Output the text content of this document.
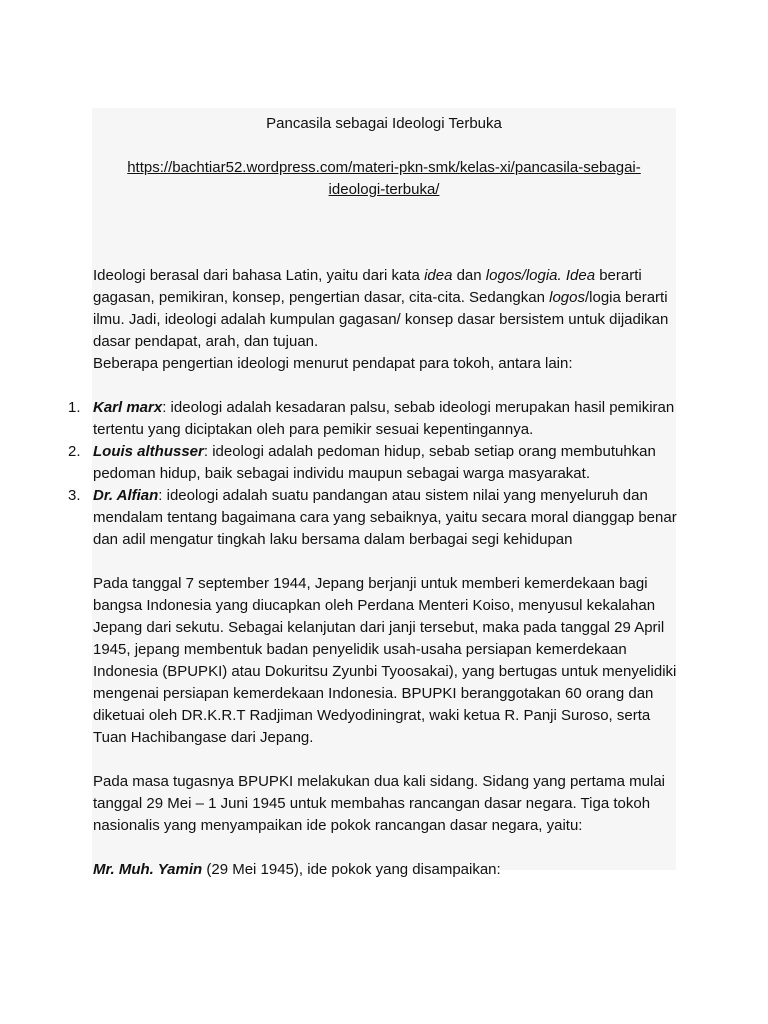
Pancasila sebagai Ideologi Terbuka

https://bachtiar52.wordpress.com/materi-pkn-smk/kelas-xi/pancasila-sebagai-ideologi-terbuka/

Ideologi berasal dari bahasa Latin, yaitu dari kata idea dan logos/logia. Idea berarti gagasan, pemikiran, konsep, pengertian dasar, cita-cita. Sedangkan logos/logia berarti ilmu. Jadi, ideologi adalah kumpulan gagasan/ konsep dasar bersistem untuk dijadikan dasar pendapat, arah, dan tujuan.

Beberapa pengertian ideologi menurut pendapat para tokoh, antara lain:

1. Karl marx: ideologi adalah kesadaran palsu, sebab ideologi merupakan hasil pemikiran tertentu yang diciptakan oleh para pemikir sesuai kepentingannya.
2. Louis althusser: ideologi adalah pedoman hidup, sebab setiap orang membutuhkan pedoman hidup, baik sebagai individu maupun sebagai warga masyarakat.
3. Dr. Alfian: ideologi adalah suatu pandangan atau sistem nilai yang menyeluruh dan mendalam tentang bagaimana cara yang sebaiknya, yaitu secara moral dianggap benar dan adil mengatur tingkah laku bersama dalam berbagai segi kehidupan

Pada tanggal 7 september 1944, Jepang berjanji untuk memberi kemerdekaan bagi bangsa Indonesia yang diucapkan oleh Perdana Menteri Koiso, menyusul kekalahan Jepang dari sekutu. Sebagai kelanjutan dari janji tersebut, maka pada tanggal 29 April 1945, jepang membentuk badan penyelidik usah-usaha persiapan kemerdekaan Indonesia (BPUPKI) atau Dokuritsu Zyunbi Tyoosakai), yang bertugas untuk menyelidiki mengenai persiapan kemerdekaan Indonesia. BPUPKI beranggotakan 60 orang dan diketuai oleh DR.K.R.T Radjiman Wedyodiningrat, waki ketua R. Panji Suroso, serta Tuan Hachibangase dari Jepang.

Pada masa tugasnya BPUPKI melakukan dua kali sidang. Sidang yang pertama mulai tanggal 29 Mei – 1 Juni 1945 untuk membahas rancangan dasar negara. Tiga tokoh nasionalis yang menyampaikan ide pokok rancangan dasar negara, yaitu:

Mr. Muh. Yamin (29 Mei 1945), ide pokok yang disampaikan:
